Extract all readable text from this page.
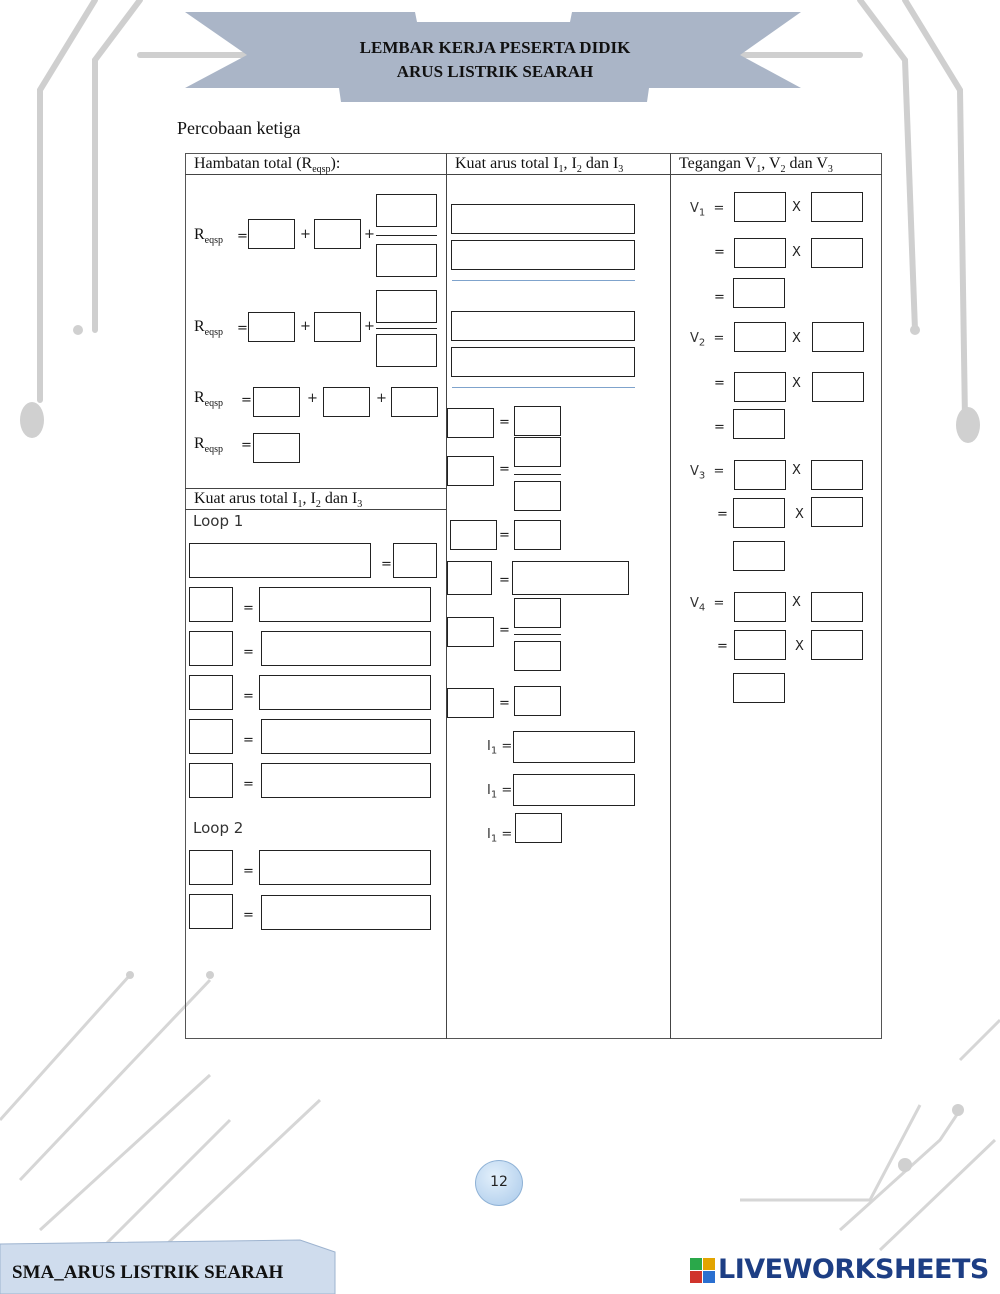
LEMBAR KERJA PESERTA DIDIK
ARUS LISTRIK SEARAH
Percobaan ketiga
Hambatan total $(R_{eqsp})$:	Kuat arus total $I_1$, $I_2$ dan $I_3$	Tegangan $V_1$, $V_2$ dan $V_3$
$R_{eqsp}$ =	+	+
$R_{eqsp}$ =	+	+
$R_{eqsp}$ =	+	+
$R_{eqsp}$ =
Kuat arus total $I_1$, $I_2$ dan $I_3$
Loop 1
=
=
=
=
=
=
Loop 2
=
=
=
=
=
=
=
=
$I_1$ =
$I_1$ =
$I_1$ =
$V_1$ =	X
=	X
=
$V_2$ =	X
=	X
=
$V_3$ =	X
=	X
$V_4$ =	X
=	X
12
SMA_ARUS LISTRIK SEARAH	LIVEWORKSHEETS
